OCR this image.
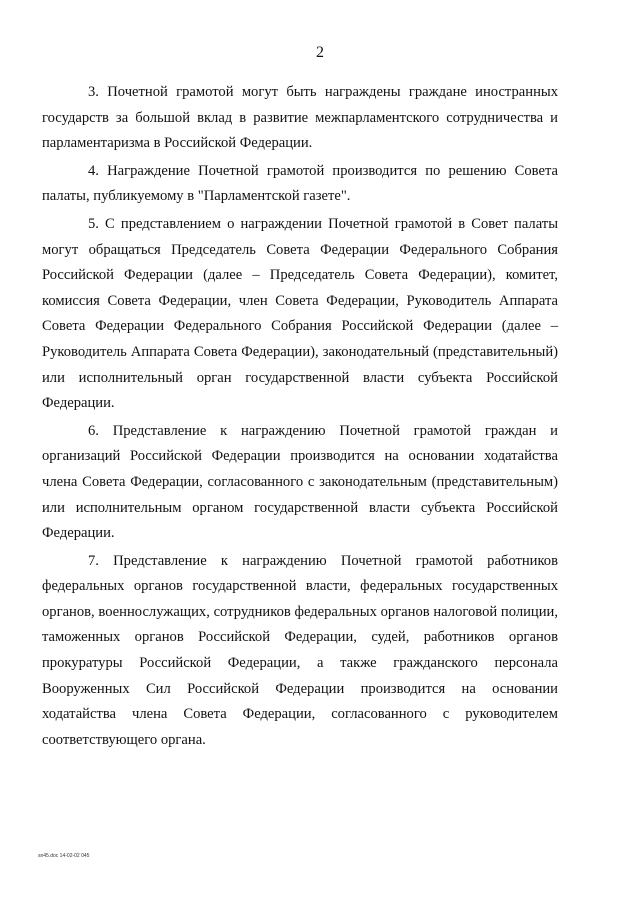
2

3. Почетной грамотой могут быть награждены граждане иностранных государств за большой вклад в развитие межпарламентского сотрудничества и парламентаризма в Российской Федерации.

4. Награждение Почетной грамотой производится по решению Совета палаты, публикуемому в "Парламентской газете".

5. С представлением о награждении Почетной грамотой в Совет палаты могут обращаться Председатель Совета Федерации Федерального Собрания Российской Федерации (далее – Председатель Совета Федерации), комитет, комиссия Совета Федерации, член Совета Федерации, Руководитель Аппарата Совета Федерации Федерального Собрания Российской Федерации (далее – Руководитель Аппарата Совета Федерации), законодательный (представительный) или исполнительный орган государственной власти субъекта Российской Федерации.

6. Представление к награждению Почетной грамотой граждан и организаций Российской Федерации производится на основании ходатайства члена Совета Федерации, согласованного с законодательным (представительным) или исполнительным органом государственной власти субъекта Российской Федерации.

7. Представление к награждению Почетной грамотой работников федеральных органов государственной власти, федеральных государственных органов, военнослужащих, сотрудников федеральных органов налоговой полиции, таможенных органов Российской Федерации, судей, работников органов прокуратуры Российской Федерации, а также гражданского персонала Вооруженных Сил Российской Федерации производится на основании ходатайства члена Совета Федерации, согласованного с руководителем соответствующего органа.

sn45.doc 14-02-02 045
